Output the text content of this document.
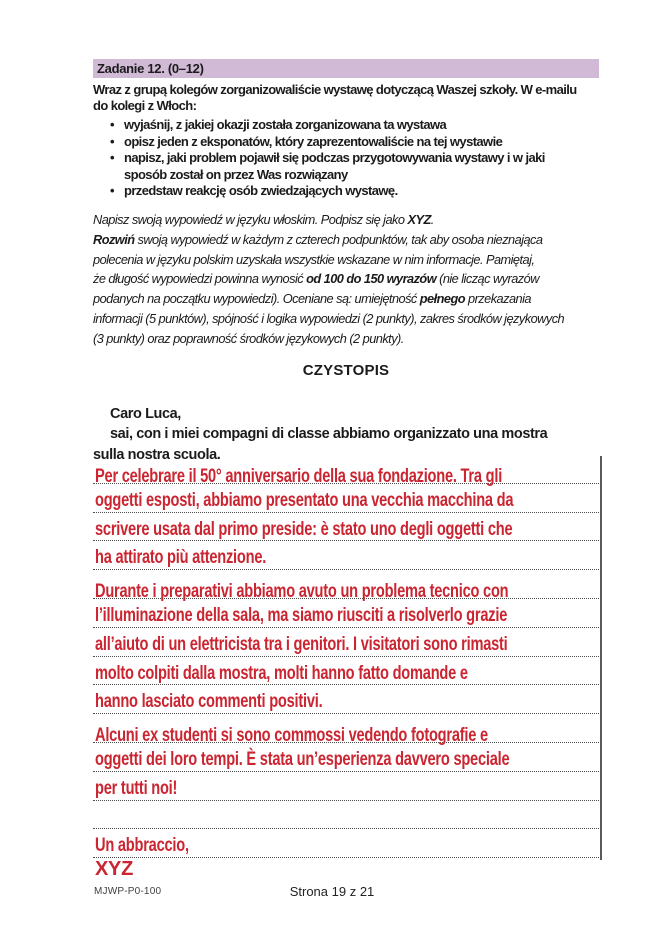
Zadanie 12. (0–12)
Wraz z grupą kolegów zorganizowaliście wystawę dotyczącą Waszej szkoły. W e-mailu
do kolegi z Włoch:
• wyjaśnij, z jakiej okazji została zorganizowana ta wystawa
• opisz jeden z eksponatów, który zaprezentowaliście na tej wystawie
• napisz, jaki problem pojawił się podczas przygotowywania wystawy i w jaki
sposób został on przez Was rozwiązany
• przedstaw reakcję osób zwiedzających wystawę.
Napisz swoją wypowiedź w języku włoskim. Podpisz się jako XYZ.
Rozwiń swoją wypowiedź w każdym z czterech podpunktów, tak aby osoba nieznająca
polecenia w języku polskim uzyskała wszystkie wskazane w nim informacje. Pamiętaj,
że długość wypowiedzi powinna wynosić od 100 do 150 wyrazów (nie licząc wyrazów
podanych na początku wypowiedzi). Oceniane są: umiejętność pełnego przekazania
informacji (5 punktów), spójność i logika wypowiedzi (2 punkty), zakres środków językowych
(3 punkty) oraz poprawność środków językowych (2 punkty).
CZYSTOPIS
Caro Luca,
sai, con i miei compagni di classe abbiamo organizzato una mostra
sulla nostra scuola.
Per celebrare il 50° anniversario della sua fondazione. Tra gli
oggetti esposti, abbiamo presentato una vecchia macchina da
scrivere usata dal primo preside: è stato uno degli oggetti che
ha attirato più attenzione.
Durante i preparativi abbiamo avuto un problema tecnico con
l’illuminazione della sala, ma siamo riusciti a risolverlo grazie
all’aiuto di un elettricista tra i genitori. I visitatori sono rimasti
molto colpiti dalla mostra, molti hanno fatto domande e
hanno lasciato commenti positivi.
Alcuni ex studenti si sono commossi vedendo fotografie e
oggetti dei loro tempi. È stata un’esperienza davvero speciale
per tutti noi!
Un abbraccio,
XYZ
MJWP-P0-100	Strona 19 z 21
